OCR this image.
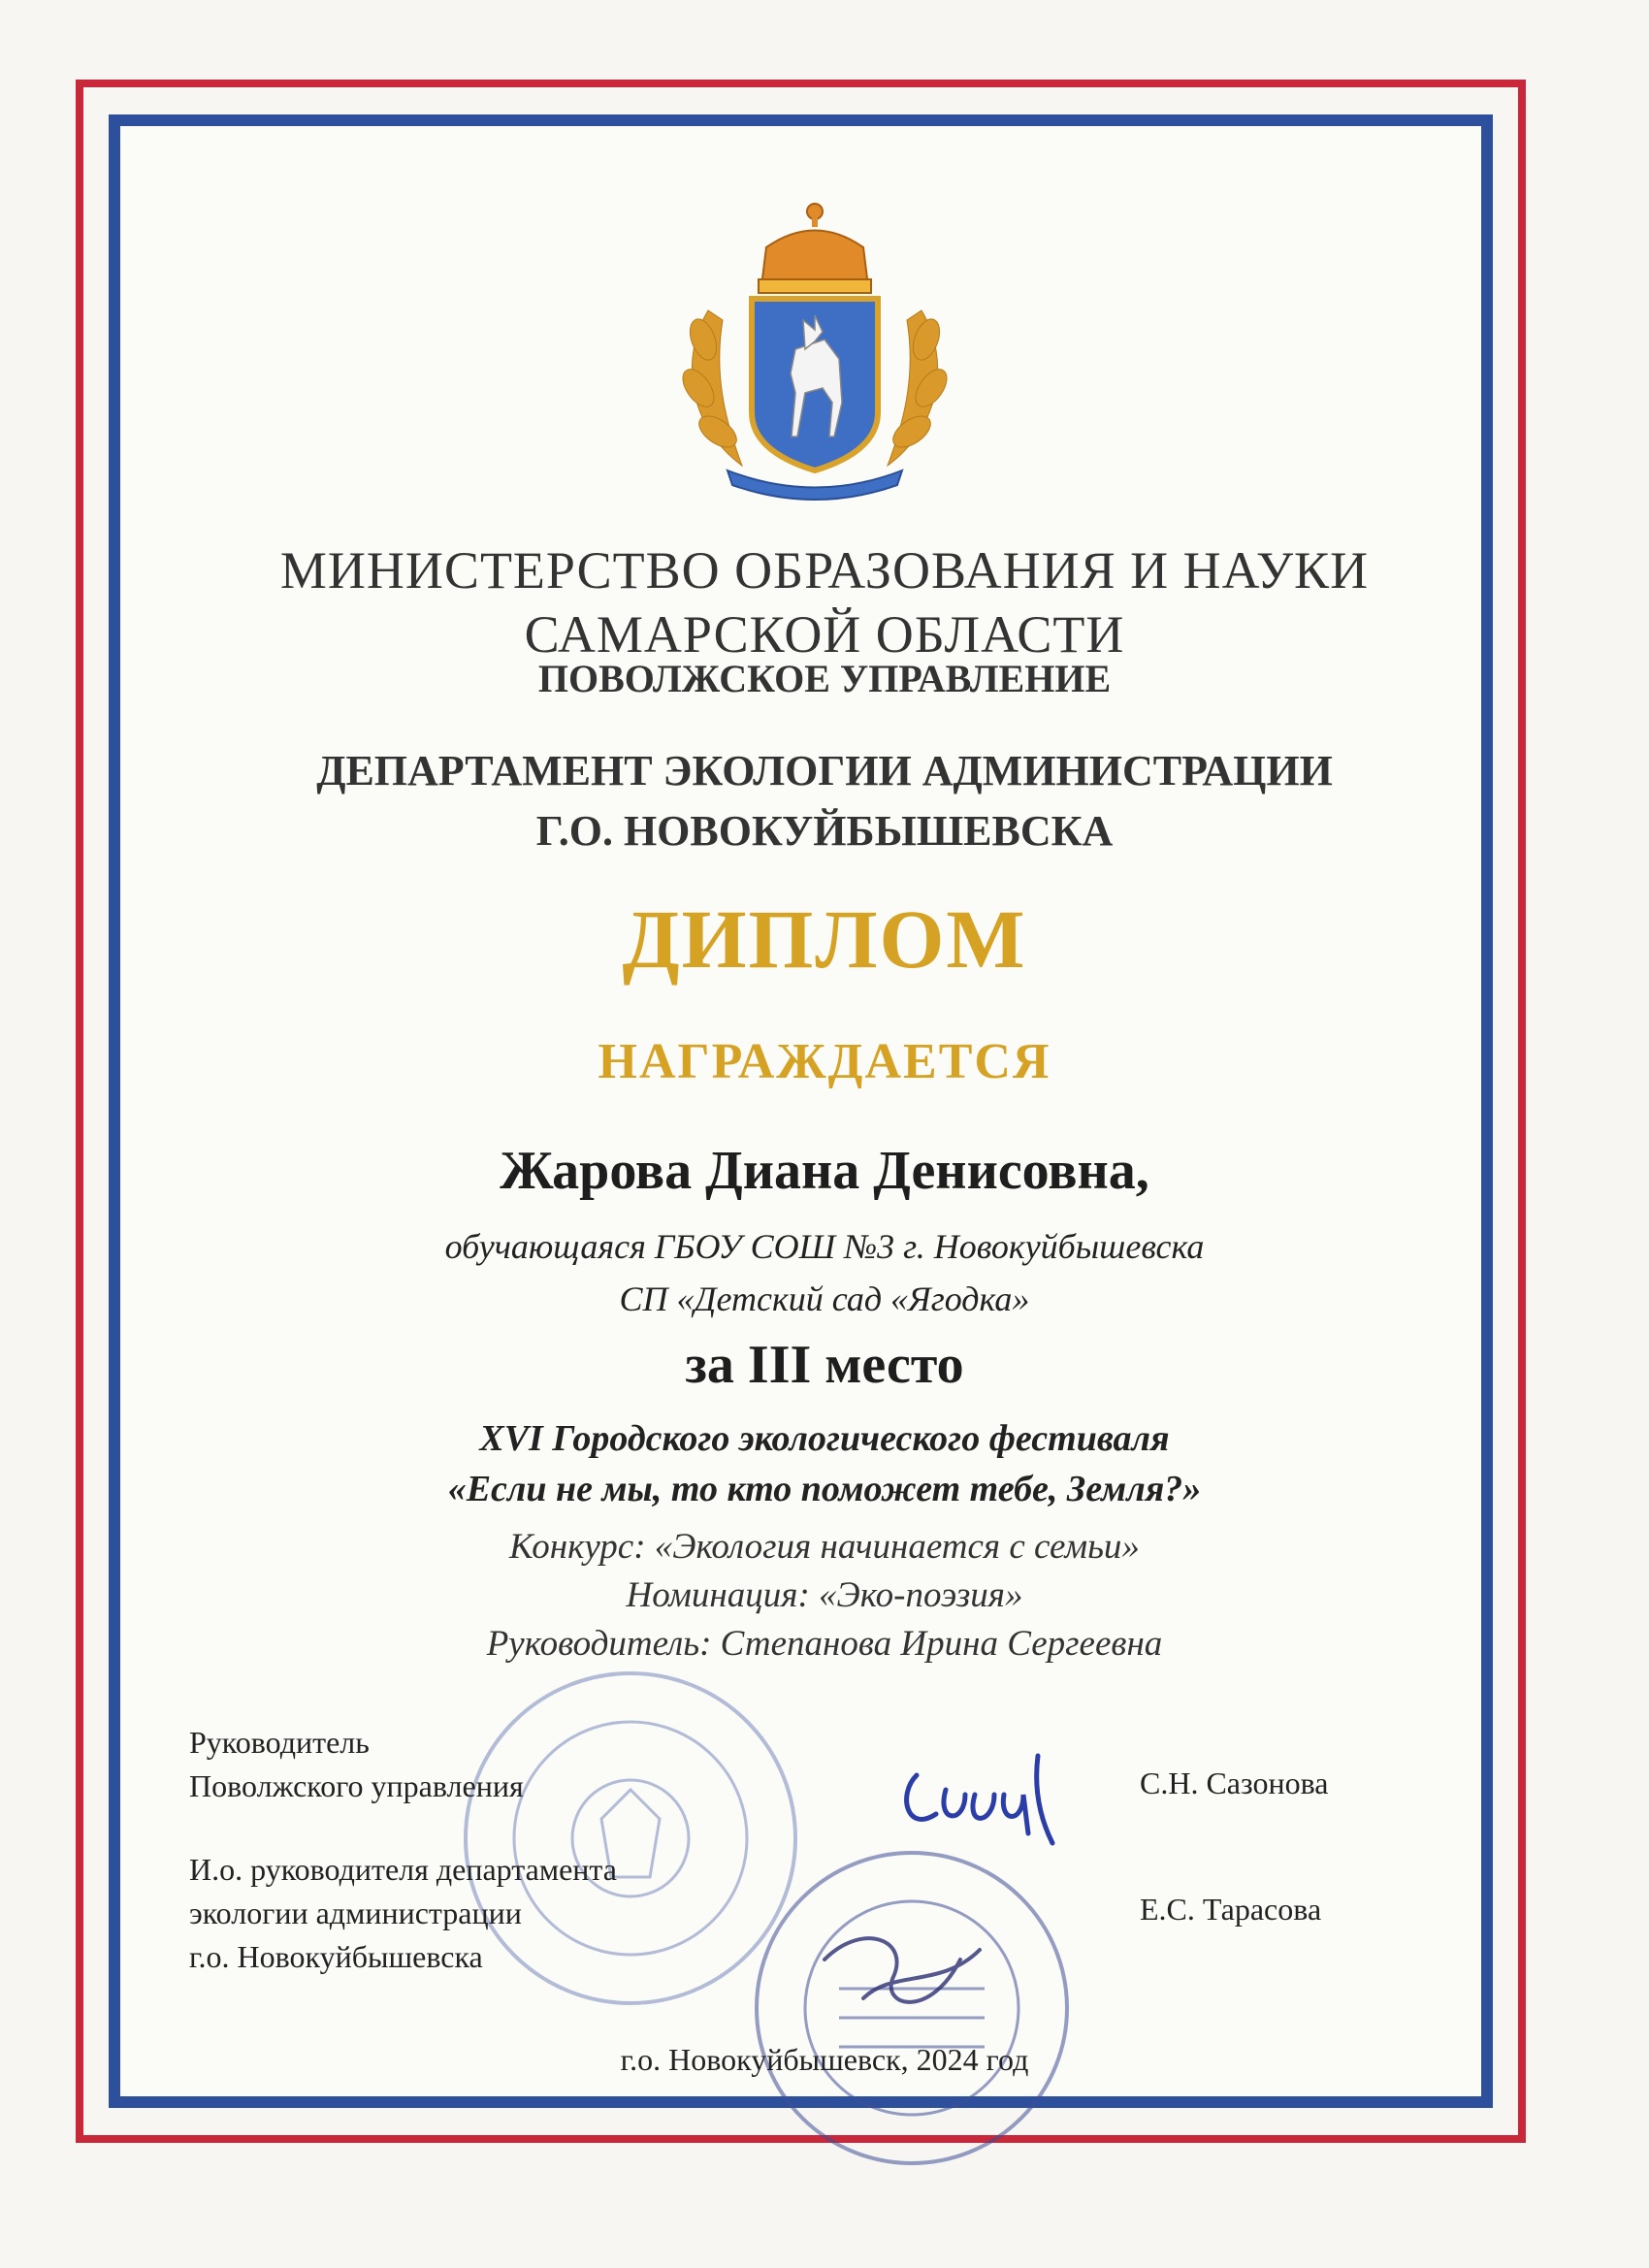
МИНИСТЕРСТВО ОБРАЗОВАНИЯ И НАУКИ
САМАРСКОЙ ОБЛАСТИ
ПОВОЛЖСКОЕ УПРАВЛЕНИЕ
ДЕПАРТАМЕНТ ЭКОЛОГИИ АДМИНИСТРАЦИИ
Г.О. НОВОКУЙБЫШЕВСКА
ДИПЛОМ
НАГРАЖДАЕТСЯ
Жарова Диана Денисовна,
обучающаяся ГБОУ СОШ №3 г. Новокуйбышевска
СП «Детский сад «Ягодка»
за III место
XVI Городского экологического фестиваля
«Если не мы, то кто поможет тебе, Земля?»
Конкурс: «Экология начинается с семьи»
Номинация: «Эко-поэзия»
Руководитель: Степанова Ирина Сергеевна
Руководитель
Поволжского управления	С.Н. Сазонова
И.о. руководителя департамента
экологии администрации
г.о. Новокуйбышевска
Е.С. Тарасова
г.о. Новокуйбышевск, 2024 год
